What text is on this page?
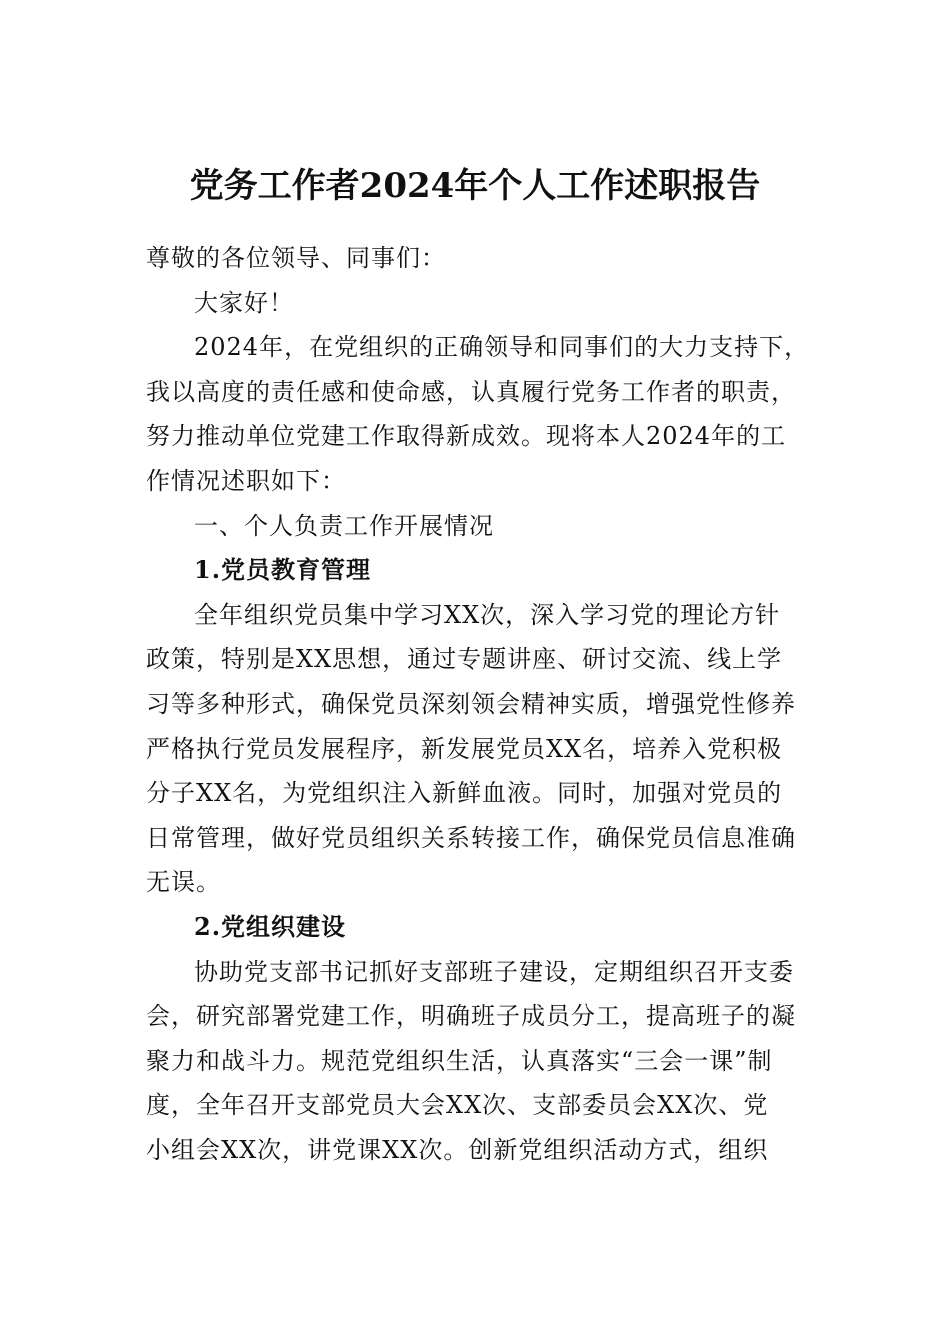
党务工作者2024年个人工作述职报告

尊敬的各位领导、同事们：

大家好！

2024年，在党组织的正确领导和同事们的大力支持下，
我以高度的责任感和使命感，认真履行党务工作者的职责，
努力推动单位党建工作取得新成效。现将本人2024年的工
作情况述职如下：

一、个人负责工作开展情况

1.党员教育管理

全年组织党员集中学习XX次，深入学习党的理论方针
政策，特别是XX思想，通过专题讲座、研讨交流、线上学
习等多种形式，确保党员深刻领会精神实质，增强党性修养
严格执行党员发展程序，新发展党员XX名，培养入党积极
分子XX名，为党组织注入新鲜血液。同时，加强对党员的
日常管理，做好党员组织关系转接工作，确保党员信息准确
无误。

2.党组织建设

协助党支部书记抓好支部班子建设，定期组织召开支委
会，研究部署党建工作，明确班子成员分工，提高班子的凝
聚力和战斗力。规范党组织生活，认真落实“三会一课”制
度，全年召开支部党员大会XX次、支部委员会XX次、党
小组会XX次，讲党课XX次。创新党组织活动方式，组织
